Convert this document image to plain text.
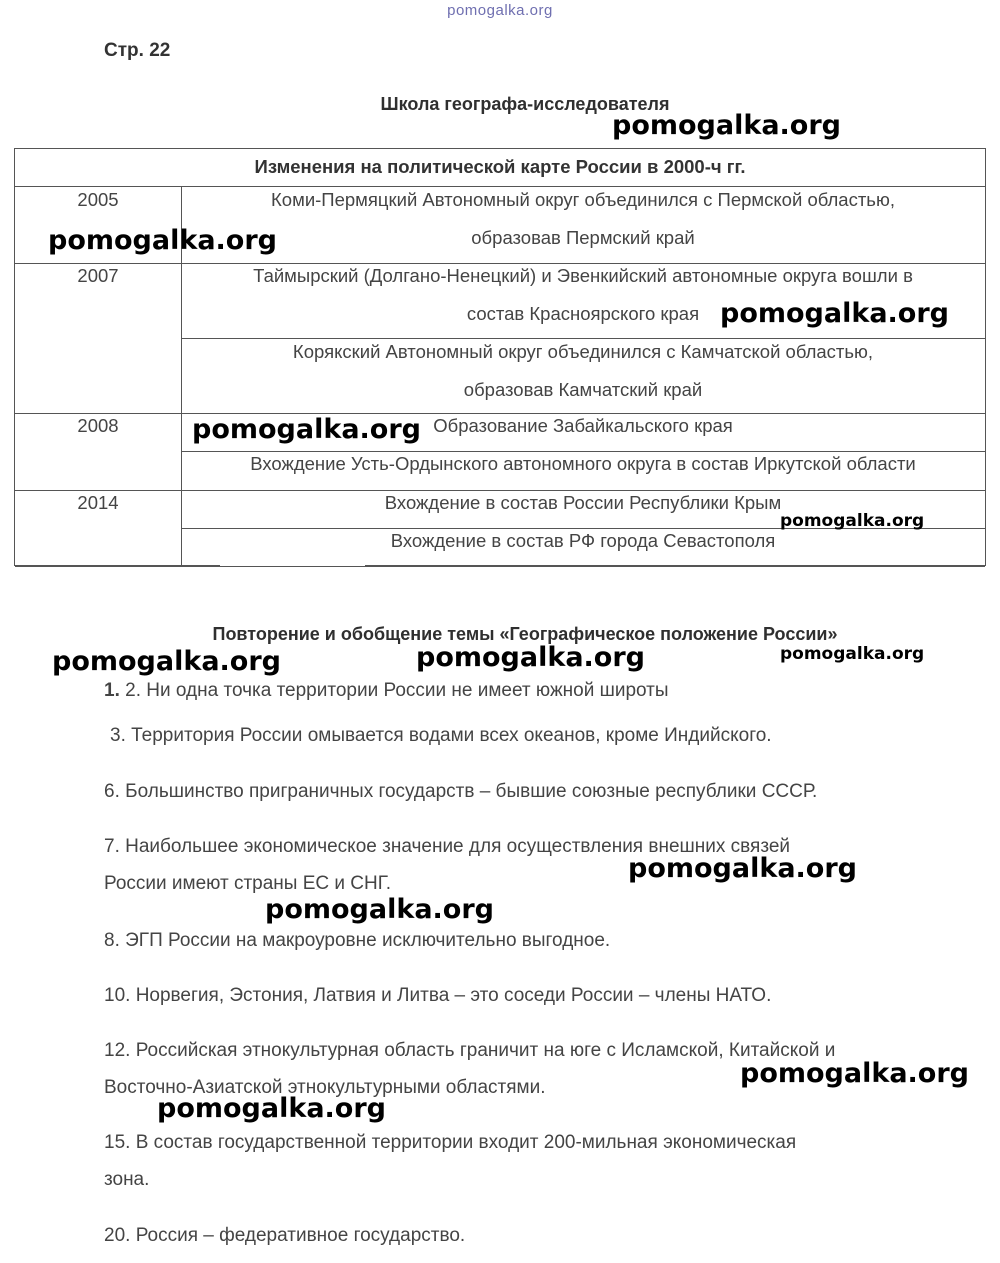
pomogalka.org
Стр. 22
Школа географа-исследователя
Изменения на политической карте России в 2000-ч гг.
2005
2007
2008
2014
Коми-Пермяцкий Автономный округ объединился с Пермской областью,
образовав Пермский край
Таймырский (Долгано-Ненецкий) и Эвенкийский автономные округа вошли в
состав Красноярского края
Корякский Автономный округ объединился с Камчатской областью,
образовав Камчатский край
Образование Забайкальского края
Вхождение Усть-Ордынского автономного округа в состав Иркутской области
Вхождение в состав России Республики Крым
Вхождение в состав РФ города Севастополя
Повторение и обобщение темы «Географическое положение России»
1. 2. Ни одна точка территории России не имеет южной широты
3. Территория России омывается водами всех океанов, кроме Индийского.
6. Большинство приграничных государств – бывшие союзные республики СССР.
7. Наибольшее экономическое значение для осуществления внешних связей
России имеют страны ЕС и СНГ.
8. ЭГП России на макроуровне исключительно выгодное.
10. Норвегия, Эстония, Латвия и Литва – это соседи России – члены НАТО.
12. Российская этнокультурная область граничит на юге с Исламской, Китайской и
Восточно-Азиатской этнокультурными областями.
15. В состав государственной территории входит 200-мильная экономическая
зона.
20. Россия – федеративное государство.
pomogalka.org
pomogalka.org
pomogalka.org
pomogalka.org
pomogalka.org
pomogalka.org	pomogalka.org	pomogalka.org
pomogalka.org
pomogalka.org
pomogalka.org
pomogalka.org
